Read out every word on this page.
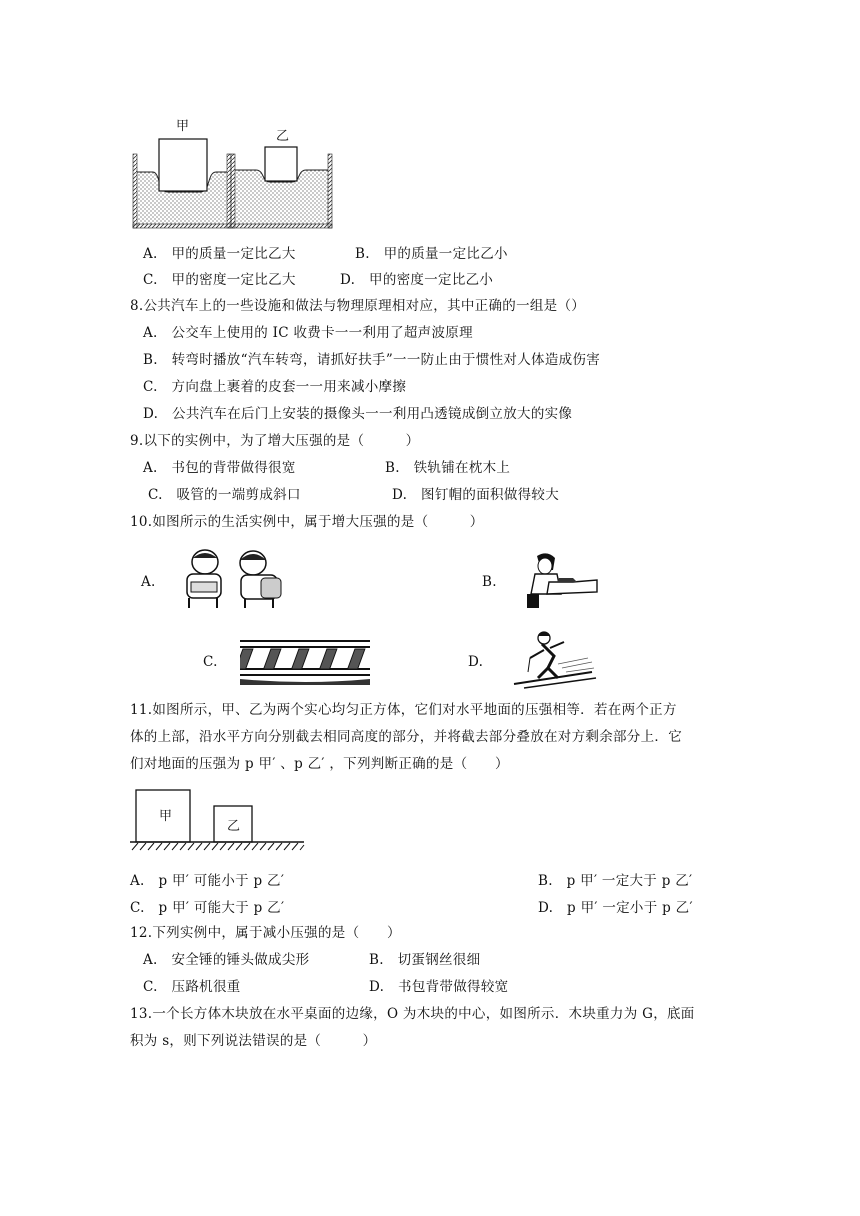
甲
乙
A.　甲的质量一定比乙大	B.　甲的质量一定比乙小
C.　甲的密度一定比乙大	D.　甲的密度一定比乙小
8.公共汽车上的一些设施和做法与物理原理相对应，其中正确的一组是（）
A.　公交车上使用的 IC 收费卡一一利用了超声波原理
B.　转弯时播放“汽车转弯，请抓好扶手”一一防止由于惯性对人体造成伤害
C.　方向盘上裹着的皮套一一用来减小摩擦
D.　公共汽车在后门上安装的摄像头一一利用凸透镜成倒立放大的实像
9.以下的实例中，为了增大压强的是（　　　）
A.　书包的背带做得很宽	B.　铁轨铺在枕木上
C.　吸管的一端剪成斜口	D.　图钉帽的面积做得较大
10.如图所示的生活实例中，属于增大压强的是（　　　）
A.	B.
C.	D.
11.如图所示，甲、乙为两个实心均匀正方体，它们对水平地面的压强相等．若在两个正方
体的上部，沿水平方向分别截去相同高度的部分，并将截去部分叠放在对方剩余部分上．它
们对地面的压强为 p 甲′ 、p 乙′ ，下列判断正确的是（　　）
甲
乙
A.　p 甲′ 可能小于 p 乙′	B.　p 甲′ 一定大于 p 乙′
C.　p 甲′ 可能大于 p 乙′	D.　p 甲′ 一定小于 p 乙′
12.下列实例中，属于减小压强的是（　　）
A.　安全锤的锤头做成尖形	B.　切蛋钢丝很细
C.　压路机很重	D.　书包背带做得较宽
13.一个长方体木块放在水平桌面的边缘，O 为木块的中心，如图所示．木块重力为 G，底面
积为 s，则下列说法错误的是（　　　）
